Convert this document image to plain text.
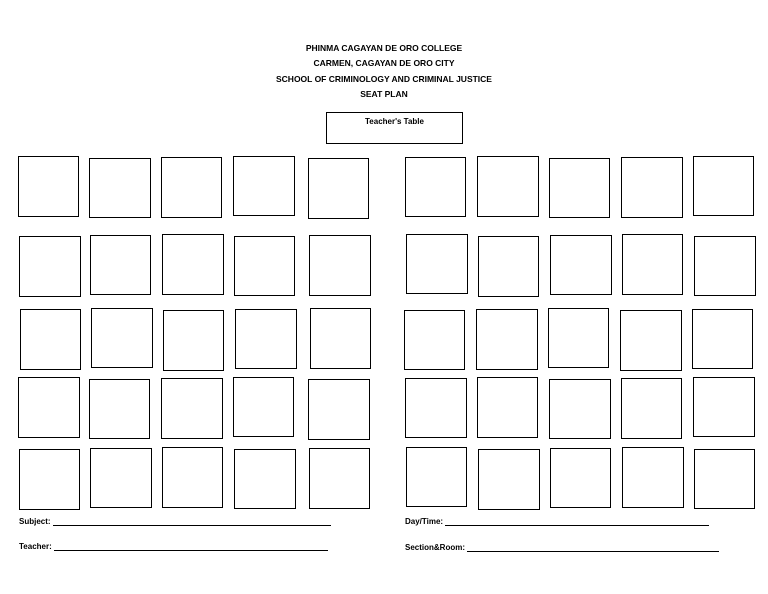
PHINMA CAGAYAN DE ORO COLLEGE
CARMEN, CAGAYAN DE ORO CITY
SCHOOL OF CRIMINOLOGY AND CRIMINAL JUSTICE
SEAT PLAN
Teacher's Table
Subject:
Teacher:
Day/Time:
Section&Room:
